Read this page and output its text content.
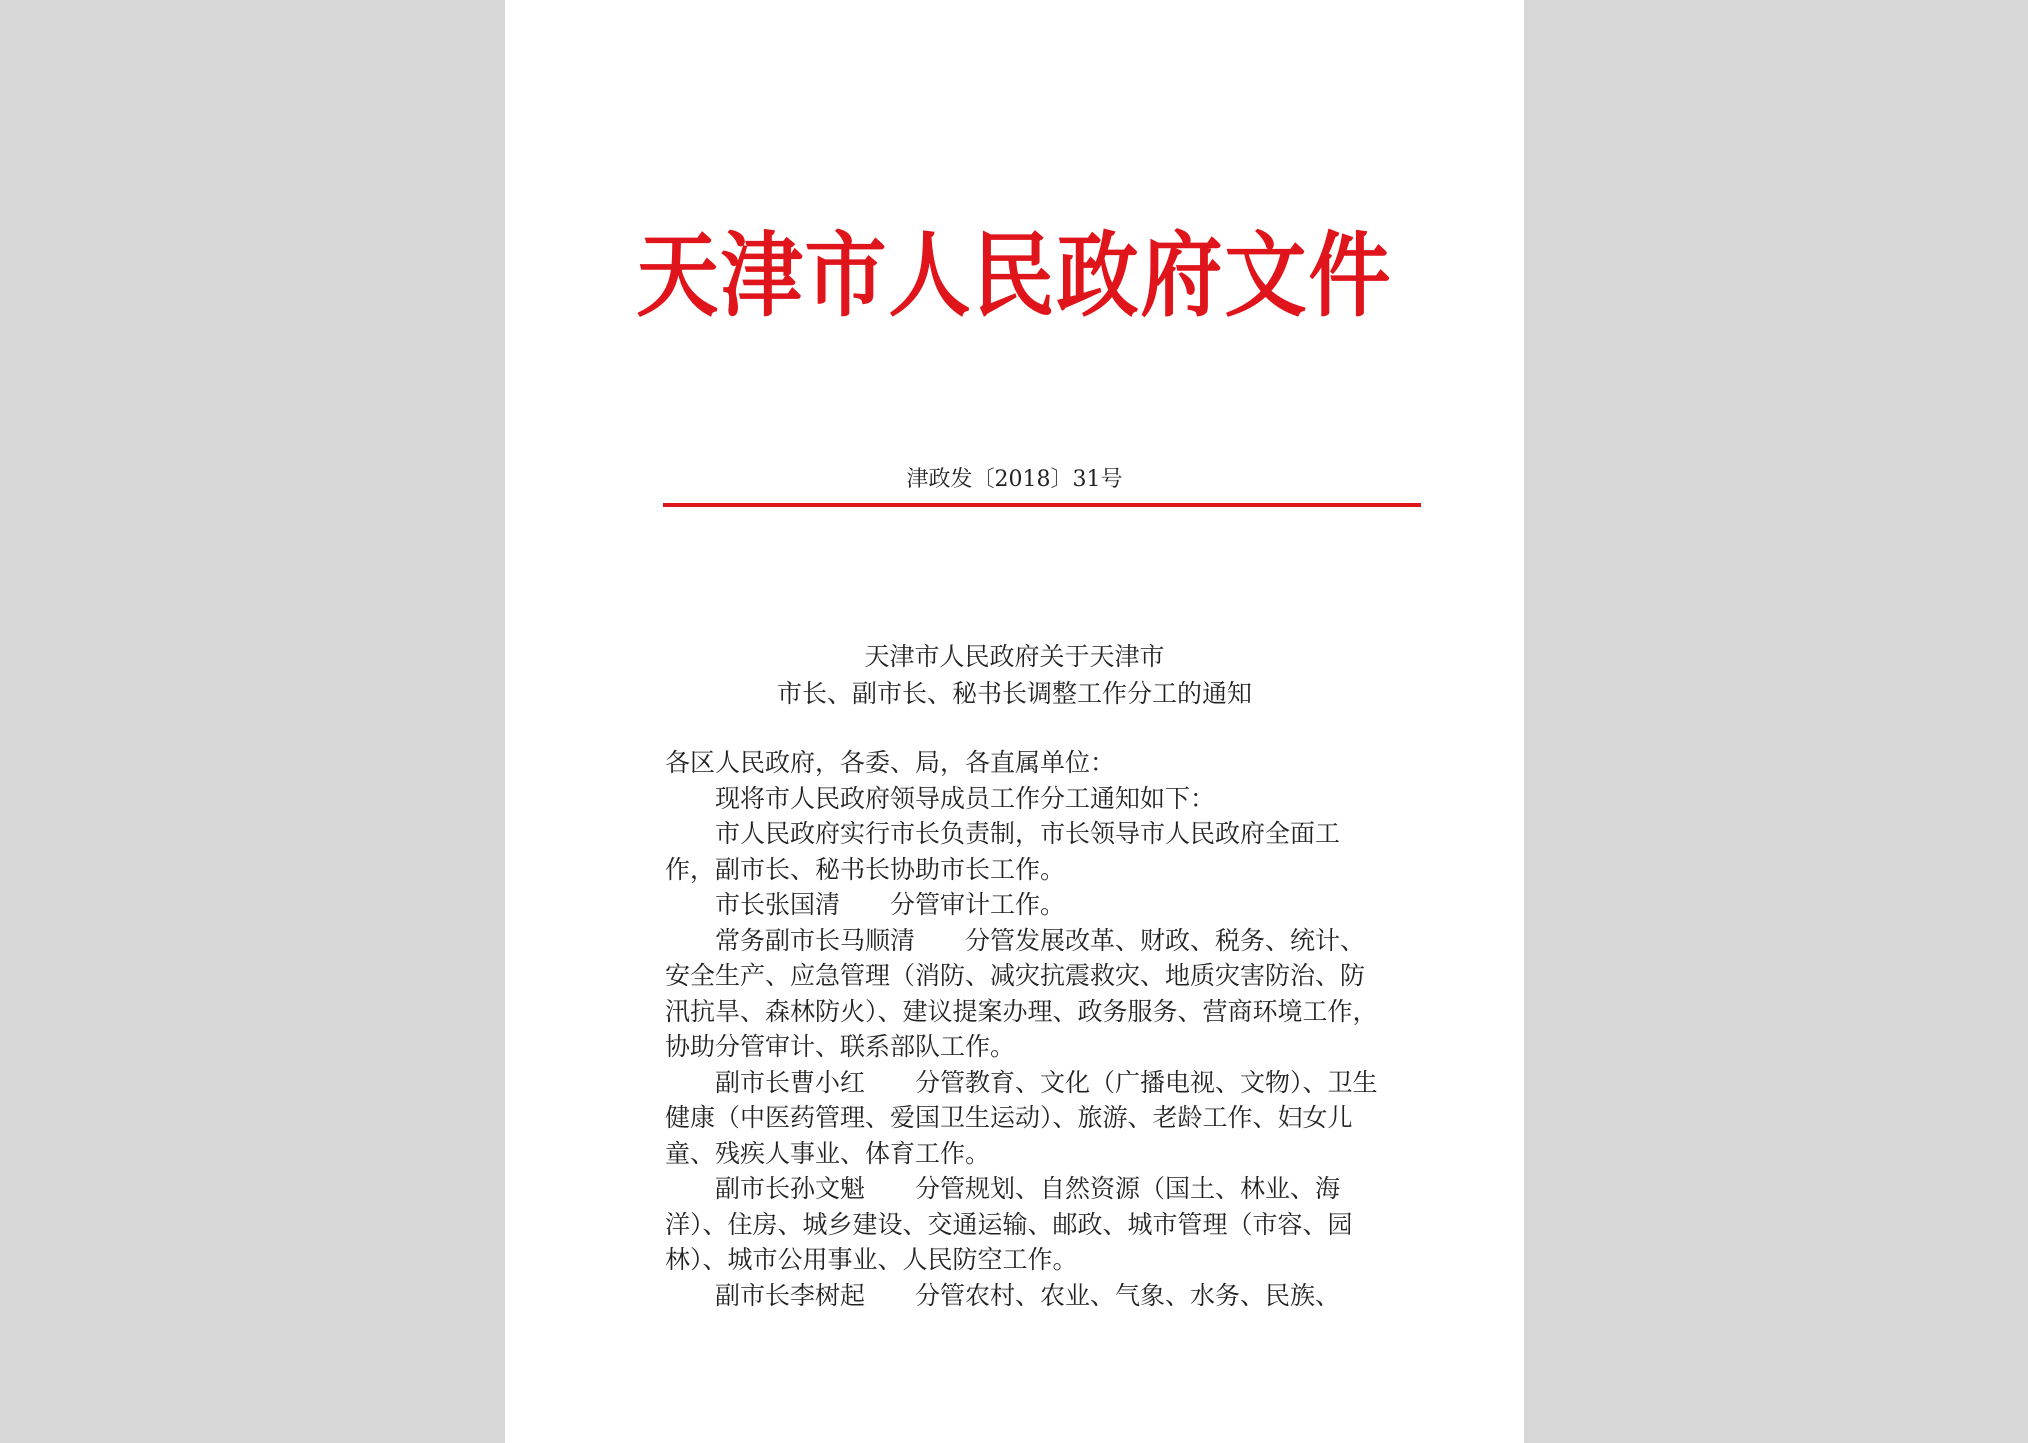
天津市人民政府文件
津政发〔2018〕31号
天津市人民政府关于天津市
市长、副市长、秘书长调整工作分工的通知

各区人民政府，各委、局，各直属单位：

现将市人民政府领导成员工作分工通知如下：

市人民政府实行市长负责制，市长领导市人民政府全面工作，副市长、秘书长协助市长工作。

市长张国清 分管审计工作。

常务副市长马顺清 分管发展改革、财政、税务、统计、安全生产、应急管理（消防、减灾抗震救灾、地质灾害防治、防汛抗旱、森林防火）、建议提案办理、政务服务、营商环境工作，协助分管审计、联系部队工作。

副市长曹小红 分管教育、文化（广播电视、文物）、卫生健康（中医药管理、爱国卫生运动）、旅游、老龄工作、妇女儿童、残疾人事业、体育工作。

副市长孙文魁 分管规划、自然资源（国土、林业、海洋）、住房、城乡建设、交通运输、邮政、城市管理（市容、园林）、城市公用事业、人民防空工作。

副市长李树起 分管农村、农业、气象、水务、民族、
